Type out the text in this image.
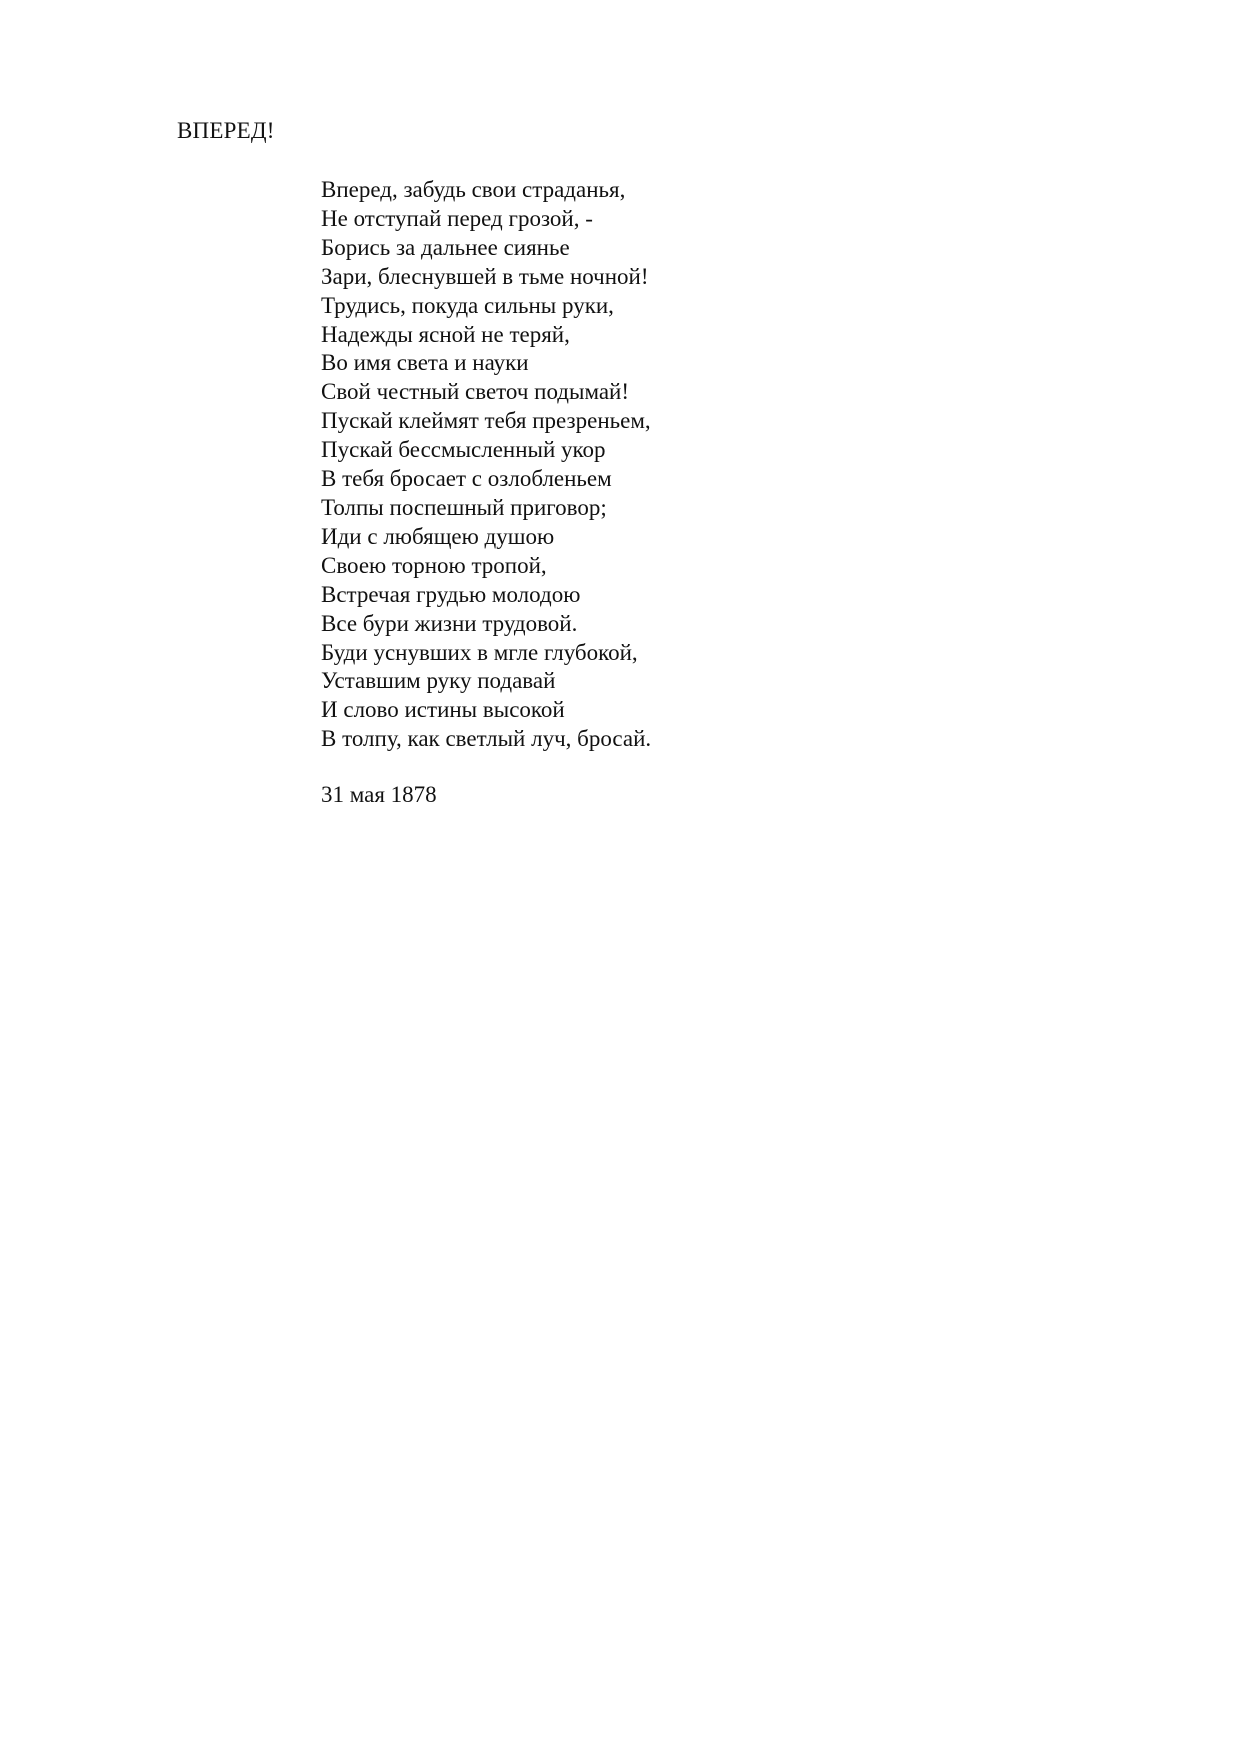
ВПЕРЕД!
Вперед, забудь свои страданья,
Не отступай перед грозой, -
Борись за дальнее сиянье
Зари, блеснувшей в тьме ночной!
Трудись, покуда сильны руки,
Надежды ясной не теряй,
Во имя света и науки
Свой честный светоч подымай!
Пускай клеймят тебя презреньем,
Пускай бессмысленный укор
В тебя бросает с озлобленьем
Толпы поспешный приговор;
Иди с любящею душою
Своею торною тропой,
Встречая грудью молодою
Все бури жизни трудовой.
Буди уснувших в мгле глубокой,
Уставшим руку подавай
И слово истины высокой
В толпу, как светлый луч, бросай.
31 мая 1878
